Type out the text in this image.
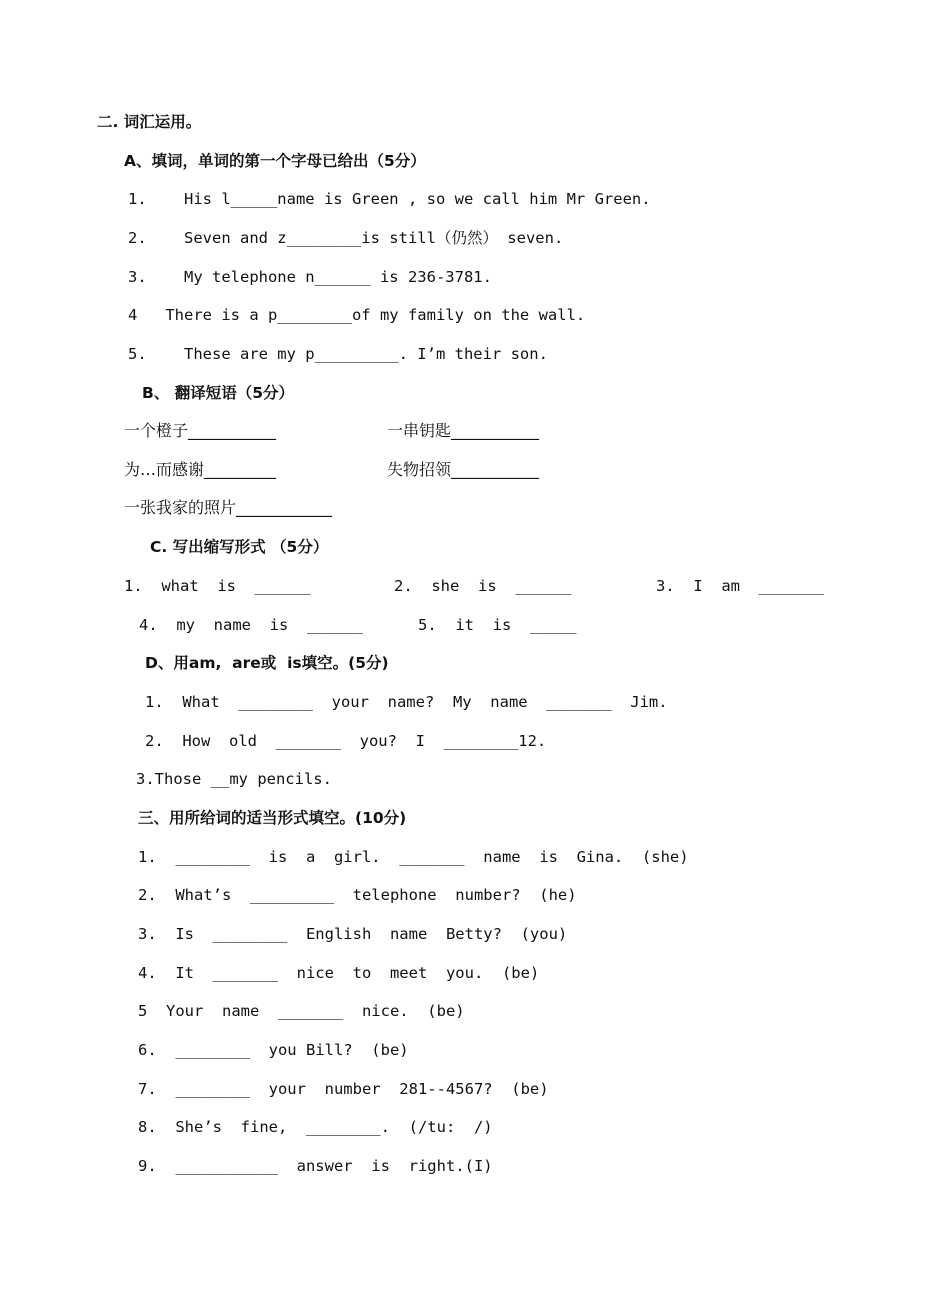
二. 词汇运用。
A、填词，单词的第一个字母已给出（5分）
1.    His l_____name is Green , so we call him Mr Green.
2.    Seven and z________is still（仍然） seven.
3.    My telephone n______ is 236-3781.
4   There is a p________of my family on the wall.
5.    These are my p_________. I’m their son.
B、 翻译短语（5分）
一个橙子___________	一串钥匙___________
为…而感谢_________	失物招领___________
一张我家的照片____________
C. 写出缩写形式 （5分）
1.  what  is  ______	2.  she  is  ______	3.  I  am  _______
4.  my  name  is  ______	5.  it  is  _____
D、用am,  are或  is填空。(5分)
1.  What  ________  your  name?  My  name  _______  Jim.
2.  How  old  _______  you?  I  ________12.
3.Those __my pencils.
三、用所给词的适当形式填空。(10分)
1.  ________  is  a  girl.  _______  name  is  Gina.  (she)
2.  What’s  _________  telephone  number?  (he)
3.  Is  ________  English  name  Betty?  (you)
4.  It  _______  nice  to  meet  you.  (be)
5  Your  name  _______  nice.  (be)
6.  ________  you Bill?  (be)
7.  ________  your  number  281--4567?  (be)
8.  She’s  fine,  ________.  (/tu:  /)
9.  ___________  answer  is  right.(I)
